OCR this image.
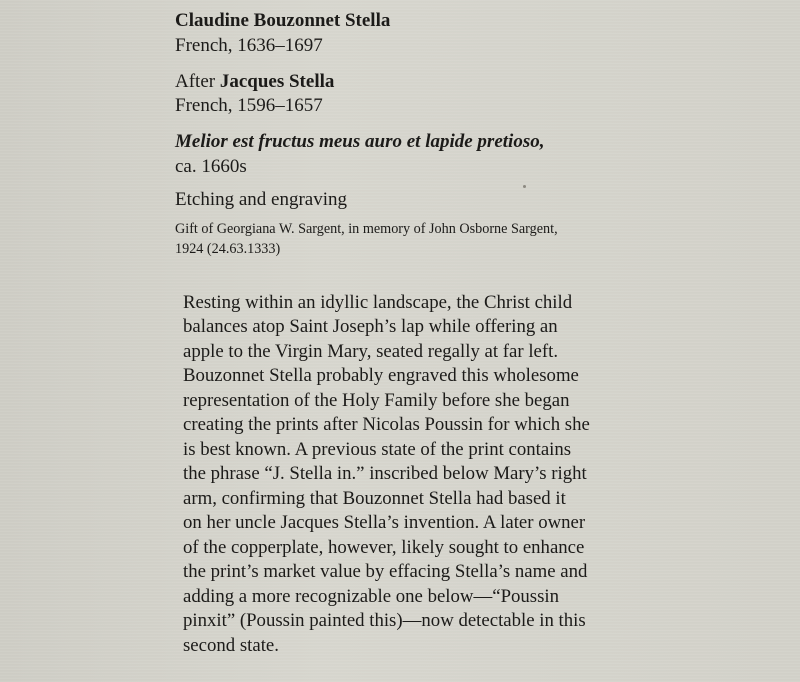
Claudine Bouzonnet Stella
French, 1636–1697
After Jacques Stella
French, 1596–1657
Melior est fructus meus auro et lapide pretioso,
ca. 1660s
Etching and engraving
Gift of Georgiana W. Sargent, in memory of John Osborne Sargent,
1924 (24.63.1333)
Resting within an idyllic landscape, the Christ child
balances atop Saint Joseph’s lap while offering an
apple to the Virgin Mary, seated regally at far left.
Bouzonnet Stella probably engraved this wholesome
representation of the Holy Family before she began
creating the prints after Nicolas Poussin for which she
is best known. A previous state of the print contains
the phrase “J. Stella in.” inscribed below Mary’s right
arm, confirming that Bouzonnet Stella had based it
on her uncle Jacques Stella’s invention. A later owner
of the copperplate, however, likely sought to enhance
the print’s market value by effacing Stella’s name and
adding a more recognizable one below—“Poussin
pinxit” (Poussin painted this)—now detectable in this
second state.
